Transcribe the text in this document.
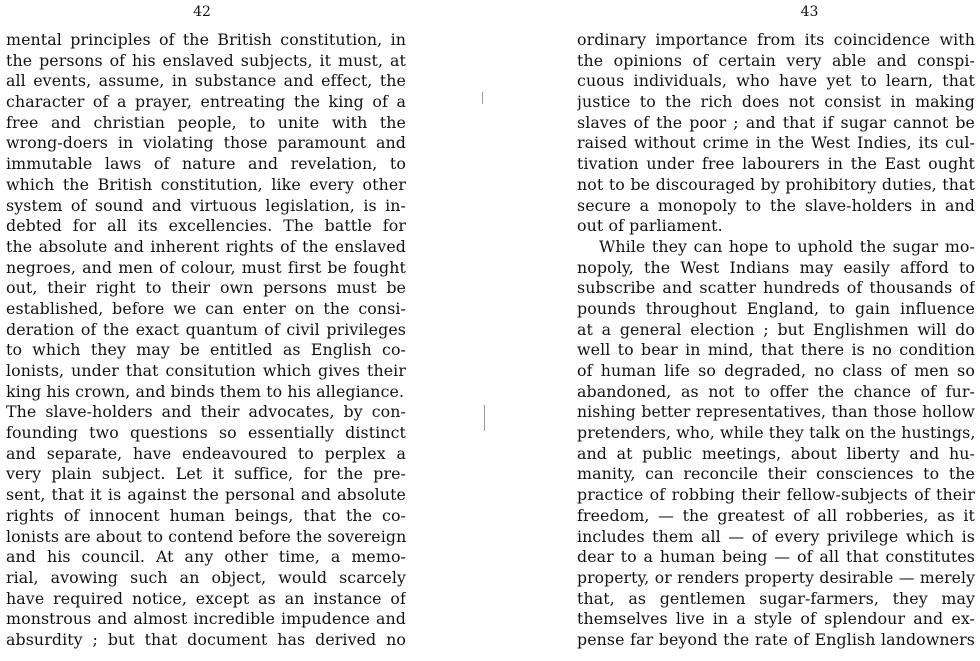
42
mental principles of the British constitution, in
the persons of his enslaved subjects, it must, at
all events, assume, in substance and effect, the
character of a prayer, entreating the king of a
free and christian people, to unite with the
wrong-doers in violating those paramount and
immutable laws of nature and revelation, to
which the British constitution, like every other
system of sound and virtuous legislation, is in-
debted for all its excellencies. The battle for
the absolute and inherent rights of the enslaved
negroes, and men of colour, must first be fought
out, their right to their own persons must be
established, before we can enter on the consi-
deration of the exact quantum of civil privileges
to which they may be entitled as English co-
lonists, under that consitution which gives their
king his crown, and binds them to his allegiance.
The slave-holders and their advocates, by con-
founding two questions so essentially distinct
and separate, have endeavoured to perplex a
very plain subject. Let it suffice, for the pre-
sent, that it is against the personal and absolute
rights of innocent human beings, that the co-
lonists are about to contend before the sovereign
and his council. At any other time, a memo-
rial, avowing such an object, would scarcely
have required notice, except as an instance of
monstrous and almost incredible impudence and
absurdity ; but that document has derived no
43
ordinary importance from its coincidence with
the opinions of certain very able and conspi-
cuous individuals, who have yet to learn, that
justice to the rich does not consist in making
slaves of the poor ; and that if sugar cannot be
raised without crime in the West Indies, its cul-
tivation under free labourers in the East ought
not to be discouraged by prohibitory duties, that
secure a monopoly to the slave-holders in and
out of parliament.
While they can hope to uphold the sugar mo-
nopoly, the West Indians may easily afford to
subscribe and scatter hundreds of thousands of
pounds throughout England, to gain influence
at a general election ; but Englishmen will do
well to bear in mind, that there is no condition
of human life so degraded, no class of men so
abandoned, as not to offer the chance of fur-
nishing better representatives, than those hollow
pretenders, who, while they talk on the hustings,
and at public meetings, about liberty and hu-
manity, can reconcile their consciences to the
practice of robbing their fellow-subjects of their
freedom, — the greatest of all robberies, as it
includes them all — of every privilege which is
dear to a human being — of all that constitutes
property, or renders property desirable — merely
that, as gentlemen sugar-farmers, they may
themselves live in a style of splendour and ex-
pense far beyond the rate of English landowners
